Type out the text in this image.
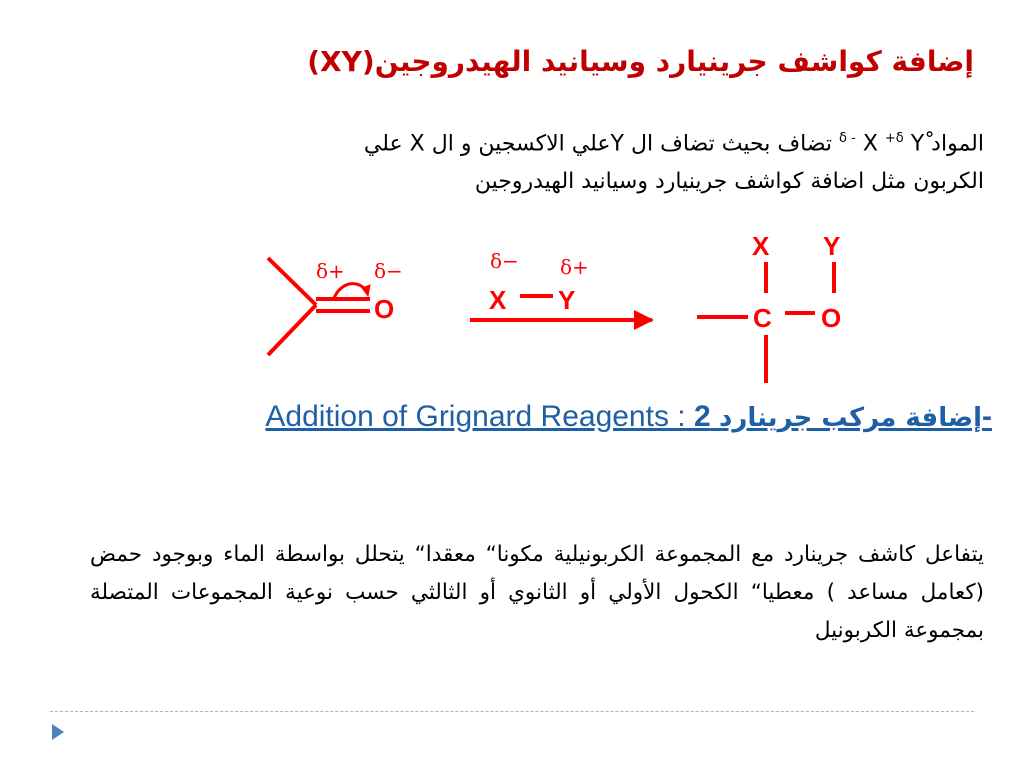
إضافة كواشف جرينيارد وسيانيد الهيدروجين(XY)
المواد $^{\delta -}$ X $^{+\delta}$ Y تضاف بحيث تضاف ال Yعلي الاكسجين و ال X علي
الكربون مثل اضافة كواشف جرينيارد وسيانيد الهيدروجين
δ+ δ−
O
δ− δ+
X Y
X Y
C O
Addition of Grignard Reagents : إضافة مركب جرينارد 2-
يتفاعل كاشف جرينارد مع المجموعة الكربونيلية مكونا“ معقدا“ يتحلل بواسطة الماء وبوجود حمض (كعامل مساعد ) معطيا“ الكحول الأولي أو الثانوي أو الثالثي حسب نوعية المجموعات المتصلة بمجموعة الكربونيل
